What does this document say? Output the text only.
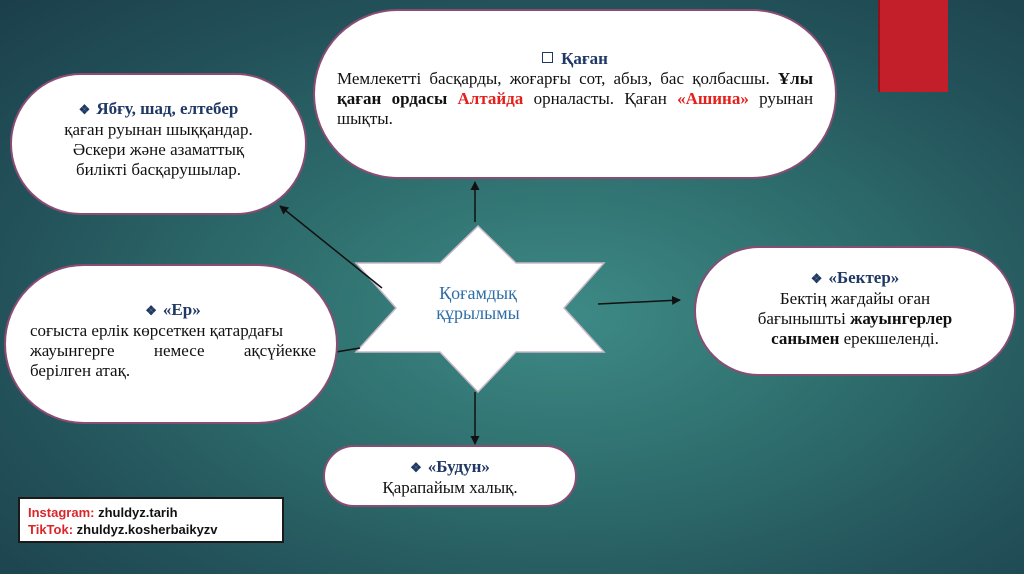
Қоғамдық
құрылымы
Қаған
Мемлекетті басқарды, жоғарғы сот, абыз, бас қолбасшы. Ұлы қаған ордасы Алтайда орналасты. Қаған «Ашина» руынан шықты.
❖ Ябғу, шад, елтебер
қаған руынан шыққандар.
Әскери және азаматтық
билікті басқарушылар.
❖ «Ер»
соғыста ерлік көрсеткен қатардағы
жауынгерге немесе ақсүйекке
берілген атақ.
❖ «Бектер»
Бектің жағдайы оған
бағыныштьі жауынгерлер
санымен ерекшеленді.
❖ «Будун»
Қарапайым халық.
Instagram: zhuldyz.tarih
TikTok: zhuldyz.kosherbaikyzv
